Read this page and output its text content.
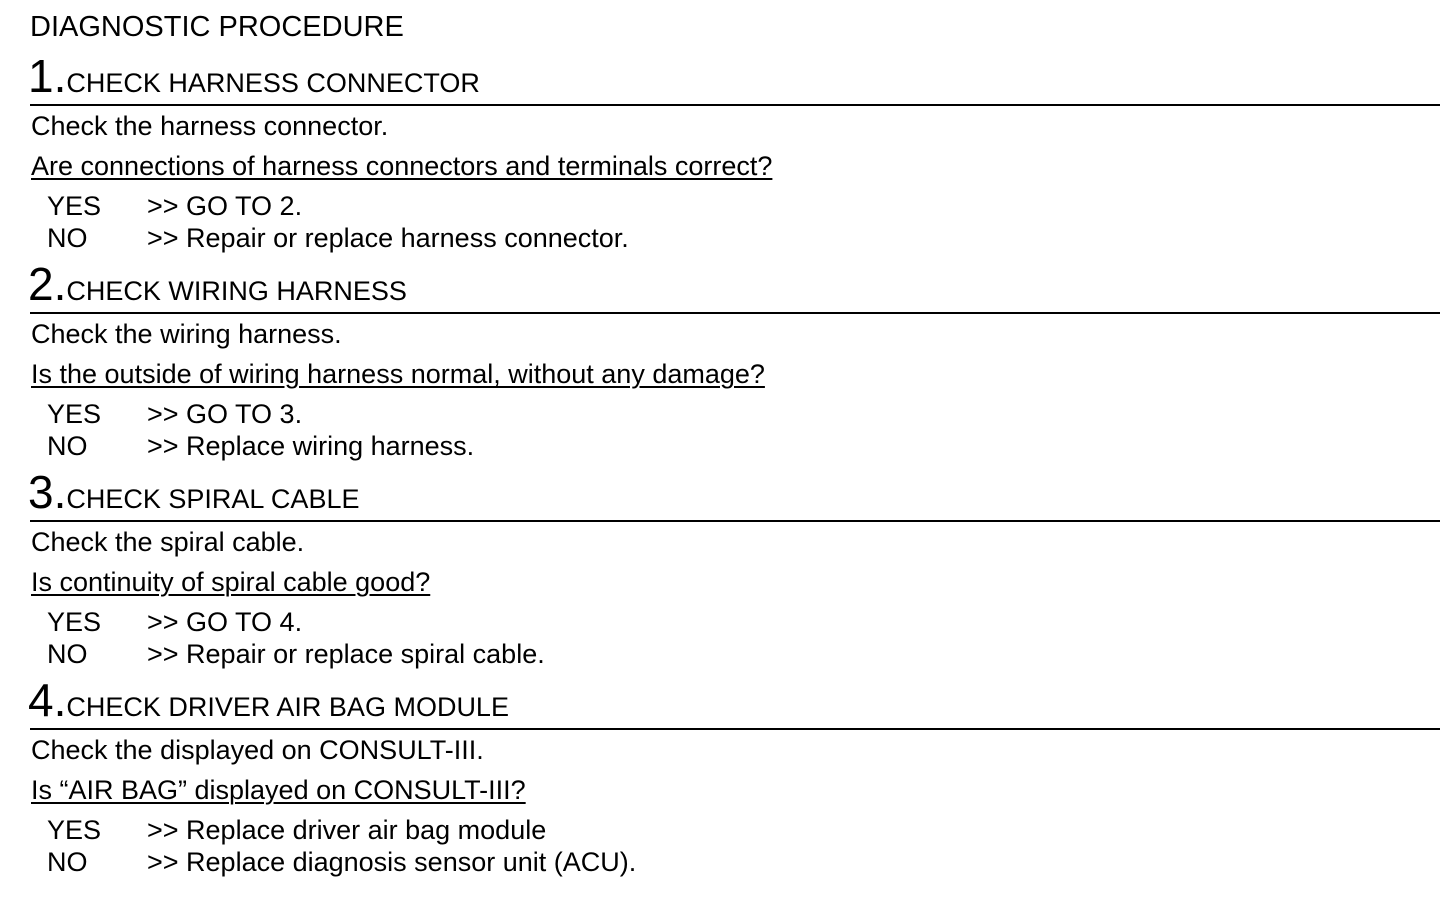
DIAGNOSTIC PROCEDURE
1.CHECK HARNESS CONNECTOR
Check the harness connector.
Are connections of harness connectors and terminals correct?
YES >> GO TO 2.
NO >> Repair or replace harness connector.
2.CHECK WIRING HARNESS
Check the wiring harness.
Is the outside of wiring harness normal, without any damage?
YES >> GO TO 3.
NO >> Replace wiring harness.
3.CHECK SPIRAL CABLE
Check the spiral cable.
Is continuity of spiral cable good?
YES >> GO TO 4.
NO >> Repair or replace spiral cable.
4.CHECK DRIVER AIR BAG MODULE
Check the displayed on CONSULT-III.
Is “AIR BAG” displayed on CONSULT-III?
YES >> Replace driver air bag module
NO >> Replace diagnosis sensor unit (ACU).
